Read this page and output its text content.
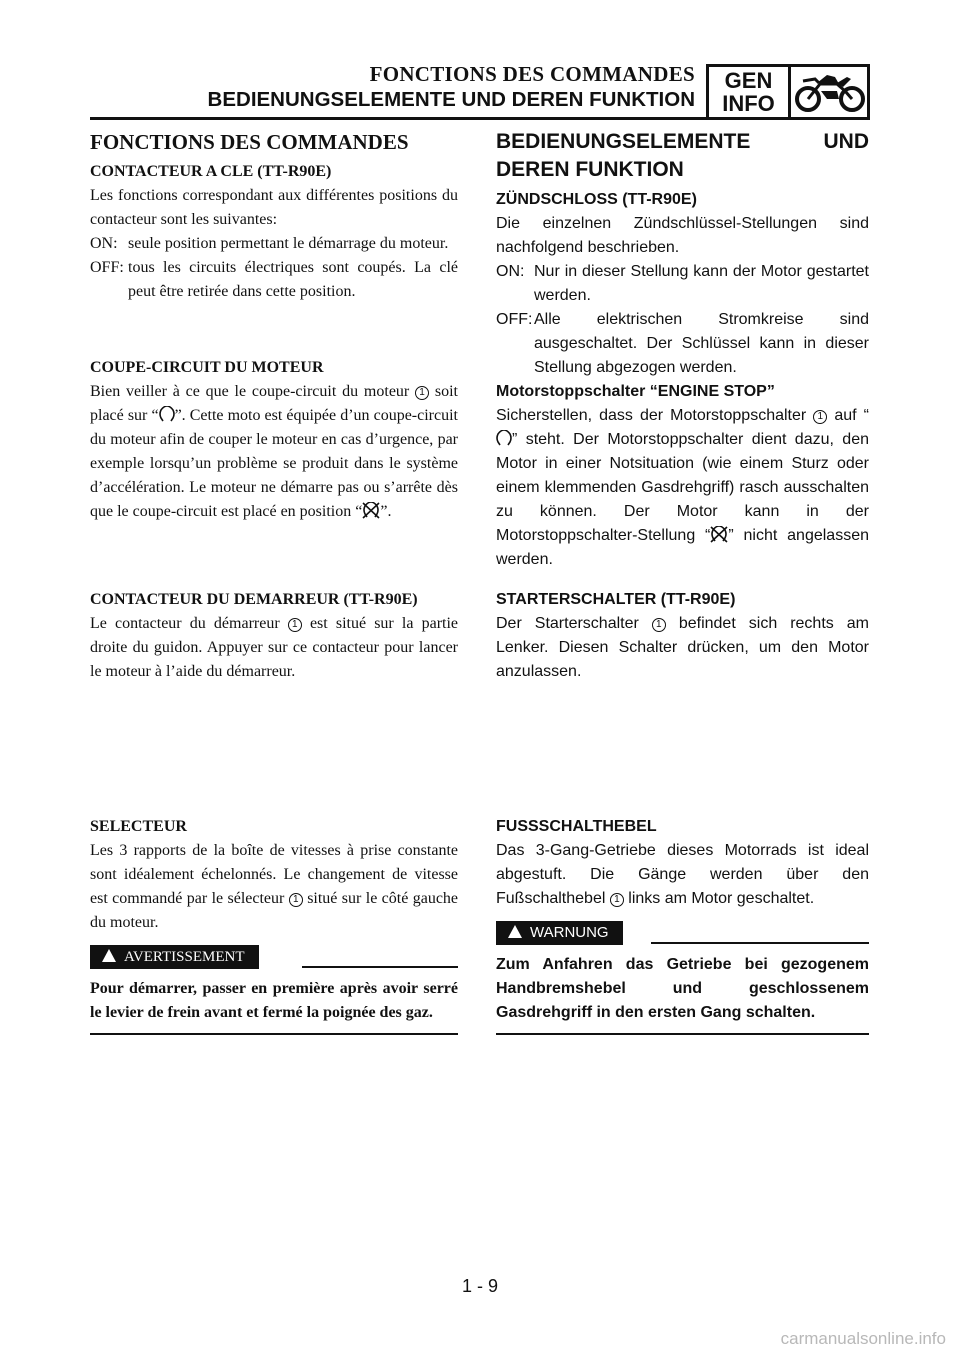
FONCTIONS DES COMMANDES
BEDIENUNGSELEMENTE UND DEREN FUNKTION
GEN
INFO
FONCTIONS DES COMMANDES
CONTACTEUR A CLE (TT-R90E)
Les fonctions correspondant aux différentes positions du contacteur sont les suivantes:
ON: seule position permettant le démarrage du moteur.
OFF: tous les circuits électriques sont coupés. La clé peut être retirée dans cette position.
COUPE-CIRCUIT DU MOTEUR
Bien veiller à ce que le coupe-circuit du moteur 1 soit placé sur “ ”. Cette moto est équipée d’un coupe-circuit du moteur afin de couper le moteur en cas d’urgence, par exemple lorsqu’un problème se produit dans le système d’accélération. Le moteur ne démarre pas ou s’arrête dès que le coupe-circuit est placé en position “ ”.
CONTACTEUR DU DEMARREUR (TT-R90E)
Le contacteur du démarreur 1 est situé sur la partie droite du guidon. Appuyer sur ce contacteur pour lancer le moteur à l’aide du démarreur.
SELECTEUR
Les 3 rapports de la boîte de vitesses à prise constante sont idéalement échelonnés. Le changement de vitesse est commandé par le sélecteur 1 situé sur le côté gauche du moteur.
AVERTISSEMENT
Pour démarrer, passer en première après avoir serré le levier de frein avant et fermé la poignée des gaz.
BEDIENUNGSELEMENTE UND DEREN FUNKTION
ZÜNDSCHLOSS (TT-R90E)
Die einzelnen Zündschlüssel-Stellungen sind nachfolgend beschrieben.
ON: Nur in dieser Stellung kann der Motor gestartet werden.
OFF: Alle elektrischen Stromkreise sind ausgeschaltet. Der Schlüssel kann in dieser Stellung abgezogen werden.
Motorstoppschalter “ENGINE STOP”
Sicherstellen, dass der Motorstoppschalter 1 auf “” steht. Der Motorstoppschalter dient dazu, den Motor in einer Notsituation (wie einem Sturz oder einem klemmenden Gasdrehgriff) rasch ausschalten zu können. Der Motor kann in der Motorstoppschalter-Stellung “ ” nicht angelassen werden.
STARTERSCHALTER (TT-R90E)
Der Starterschalter 1 befindet sich rechts am Lenker. Diesen Schalter drücken, um den Motor anzulassen.
FUSSSCHALTHEBEL
Das 3-Gang-Getriebe dieses Motorrads ist ideal abgestuft. Die Gänge werden über den Fußschalthebel 1 links am Motor geschaltet.
WARNUNG
Zum Anfahren das Getriebe bei gezogenem Handbremshebel und geschlossenem Gasdrehgriff in den ersten Gang schalten.
1 - 9
carmanualsonline.info
